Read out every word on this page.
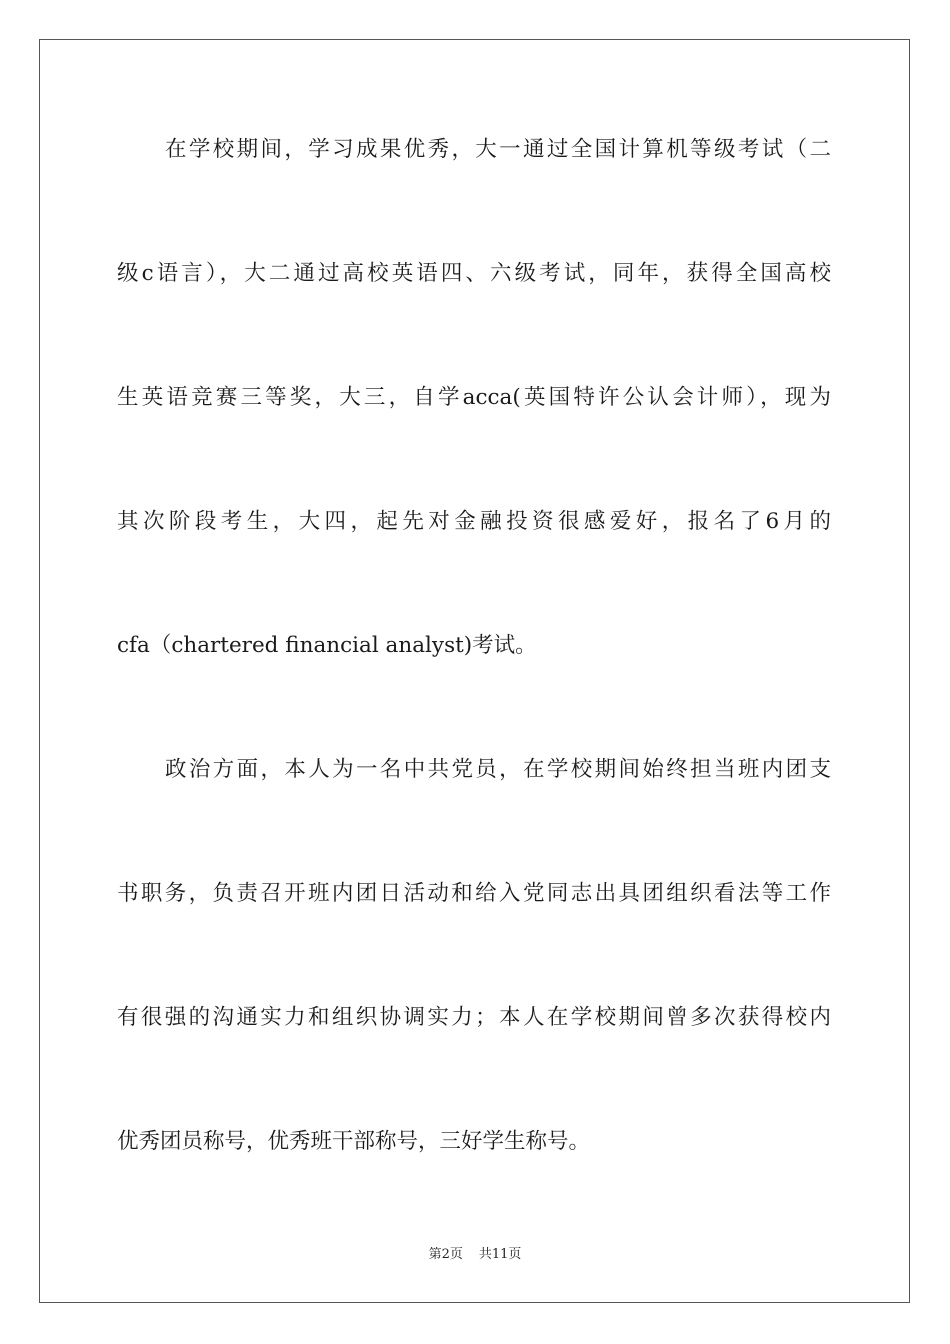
在学校期间，学习成果优秀，大一通过全国计算机等级考试（二
级c语言），大二通过高校英语四、六级考试，同年，获得全国高校
生英语竞赛三等奖，大三，自学acca(英国特许公认会计师），现为
其次阶段考生，大四，起先对金融投资很感爱好，报名了6月的
cfa（chartered financial analyst)考试。
政治方面，本人为一名中共党员，在学校期间始终担当班内团支
书职务，负责召开班内团日活动和给入党同志出具团组织看法等工作
有很强的沟通实力和组织协调实力；本人在学校期间曾多次获得校内
优秀团员称号，优秀班干部称号，三好学生称号。
第2页 共11页
